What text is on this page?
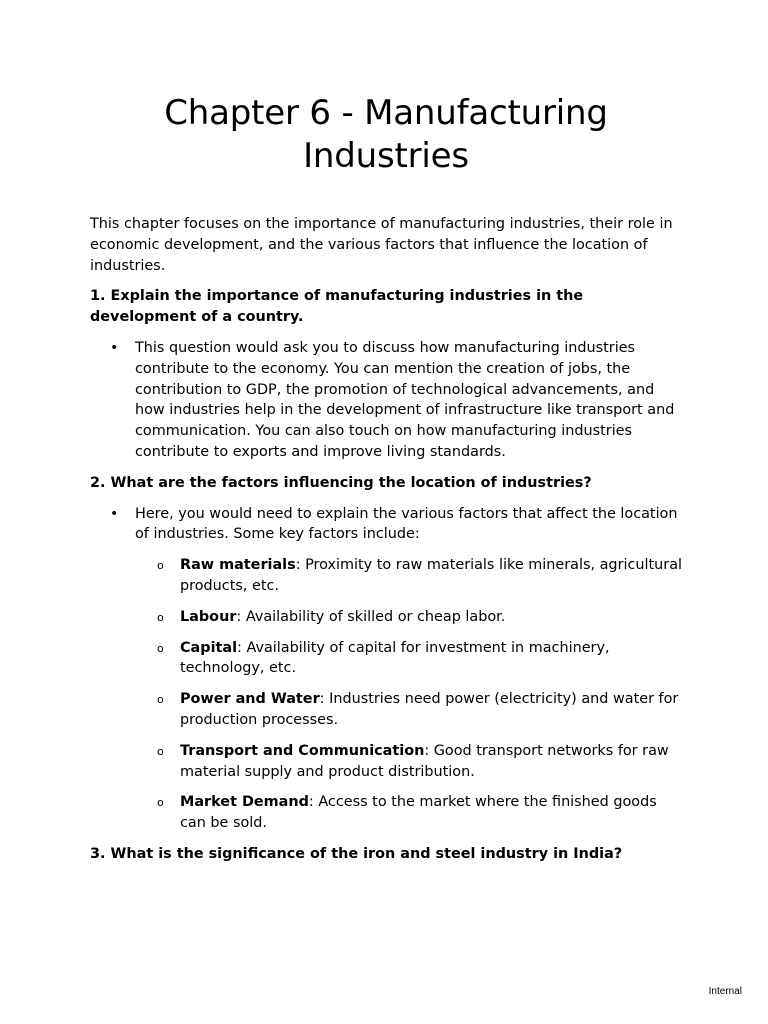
Chapter 6 - Manufacturing Industries

This chapter focuses on the importance of manufacturing industries, their role in economic development, and the various factors that influence the location of industries.

1. Explain the importance of manufacturing industries in the development of a country.

• This question would ask you to discuss how manufacturing industries contribute to the economy. You can mention the creation of jobs, the contribution to GDP, the promotion of technological advancements, and how industries help in the development of infrastructure like transport and communication. You can also touch on how manufacturing industries contribute to exports and improve living standards.

2. What are the factors influencing the location of industries?

• Here, you would need to explain the various factors that affect the location of industries. Some key factors include:
o Raw materials: Proximity to raw materials like minerals, agricultural products, etc.
o Labour: Availability of skilled or cheap labor.
o Capital: Availability of capital for investment in machinery, technology, etc.
o Power and Water: Industries need power (electricity) and water for production processes.
o Transport and Communication: Good transport networks for raw material supply and product distribution.
o Market Demand: Access to the market where the finished goods can be sold.

3. What is the significance of the iron and steel industry in India?

Internal
